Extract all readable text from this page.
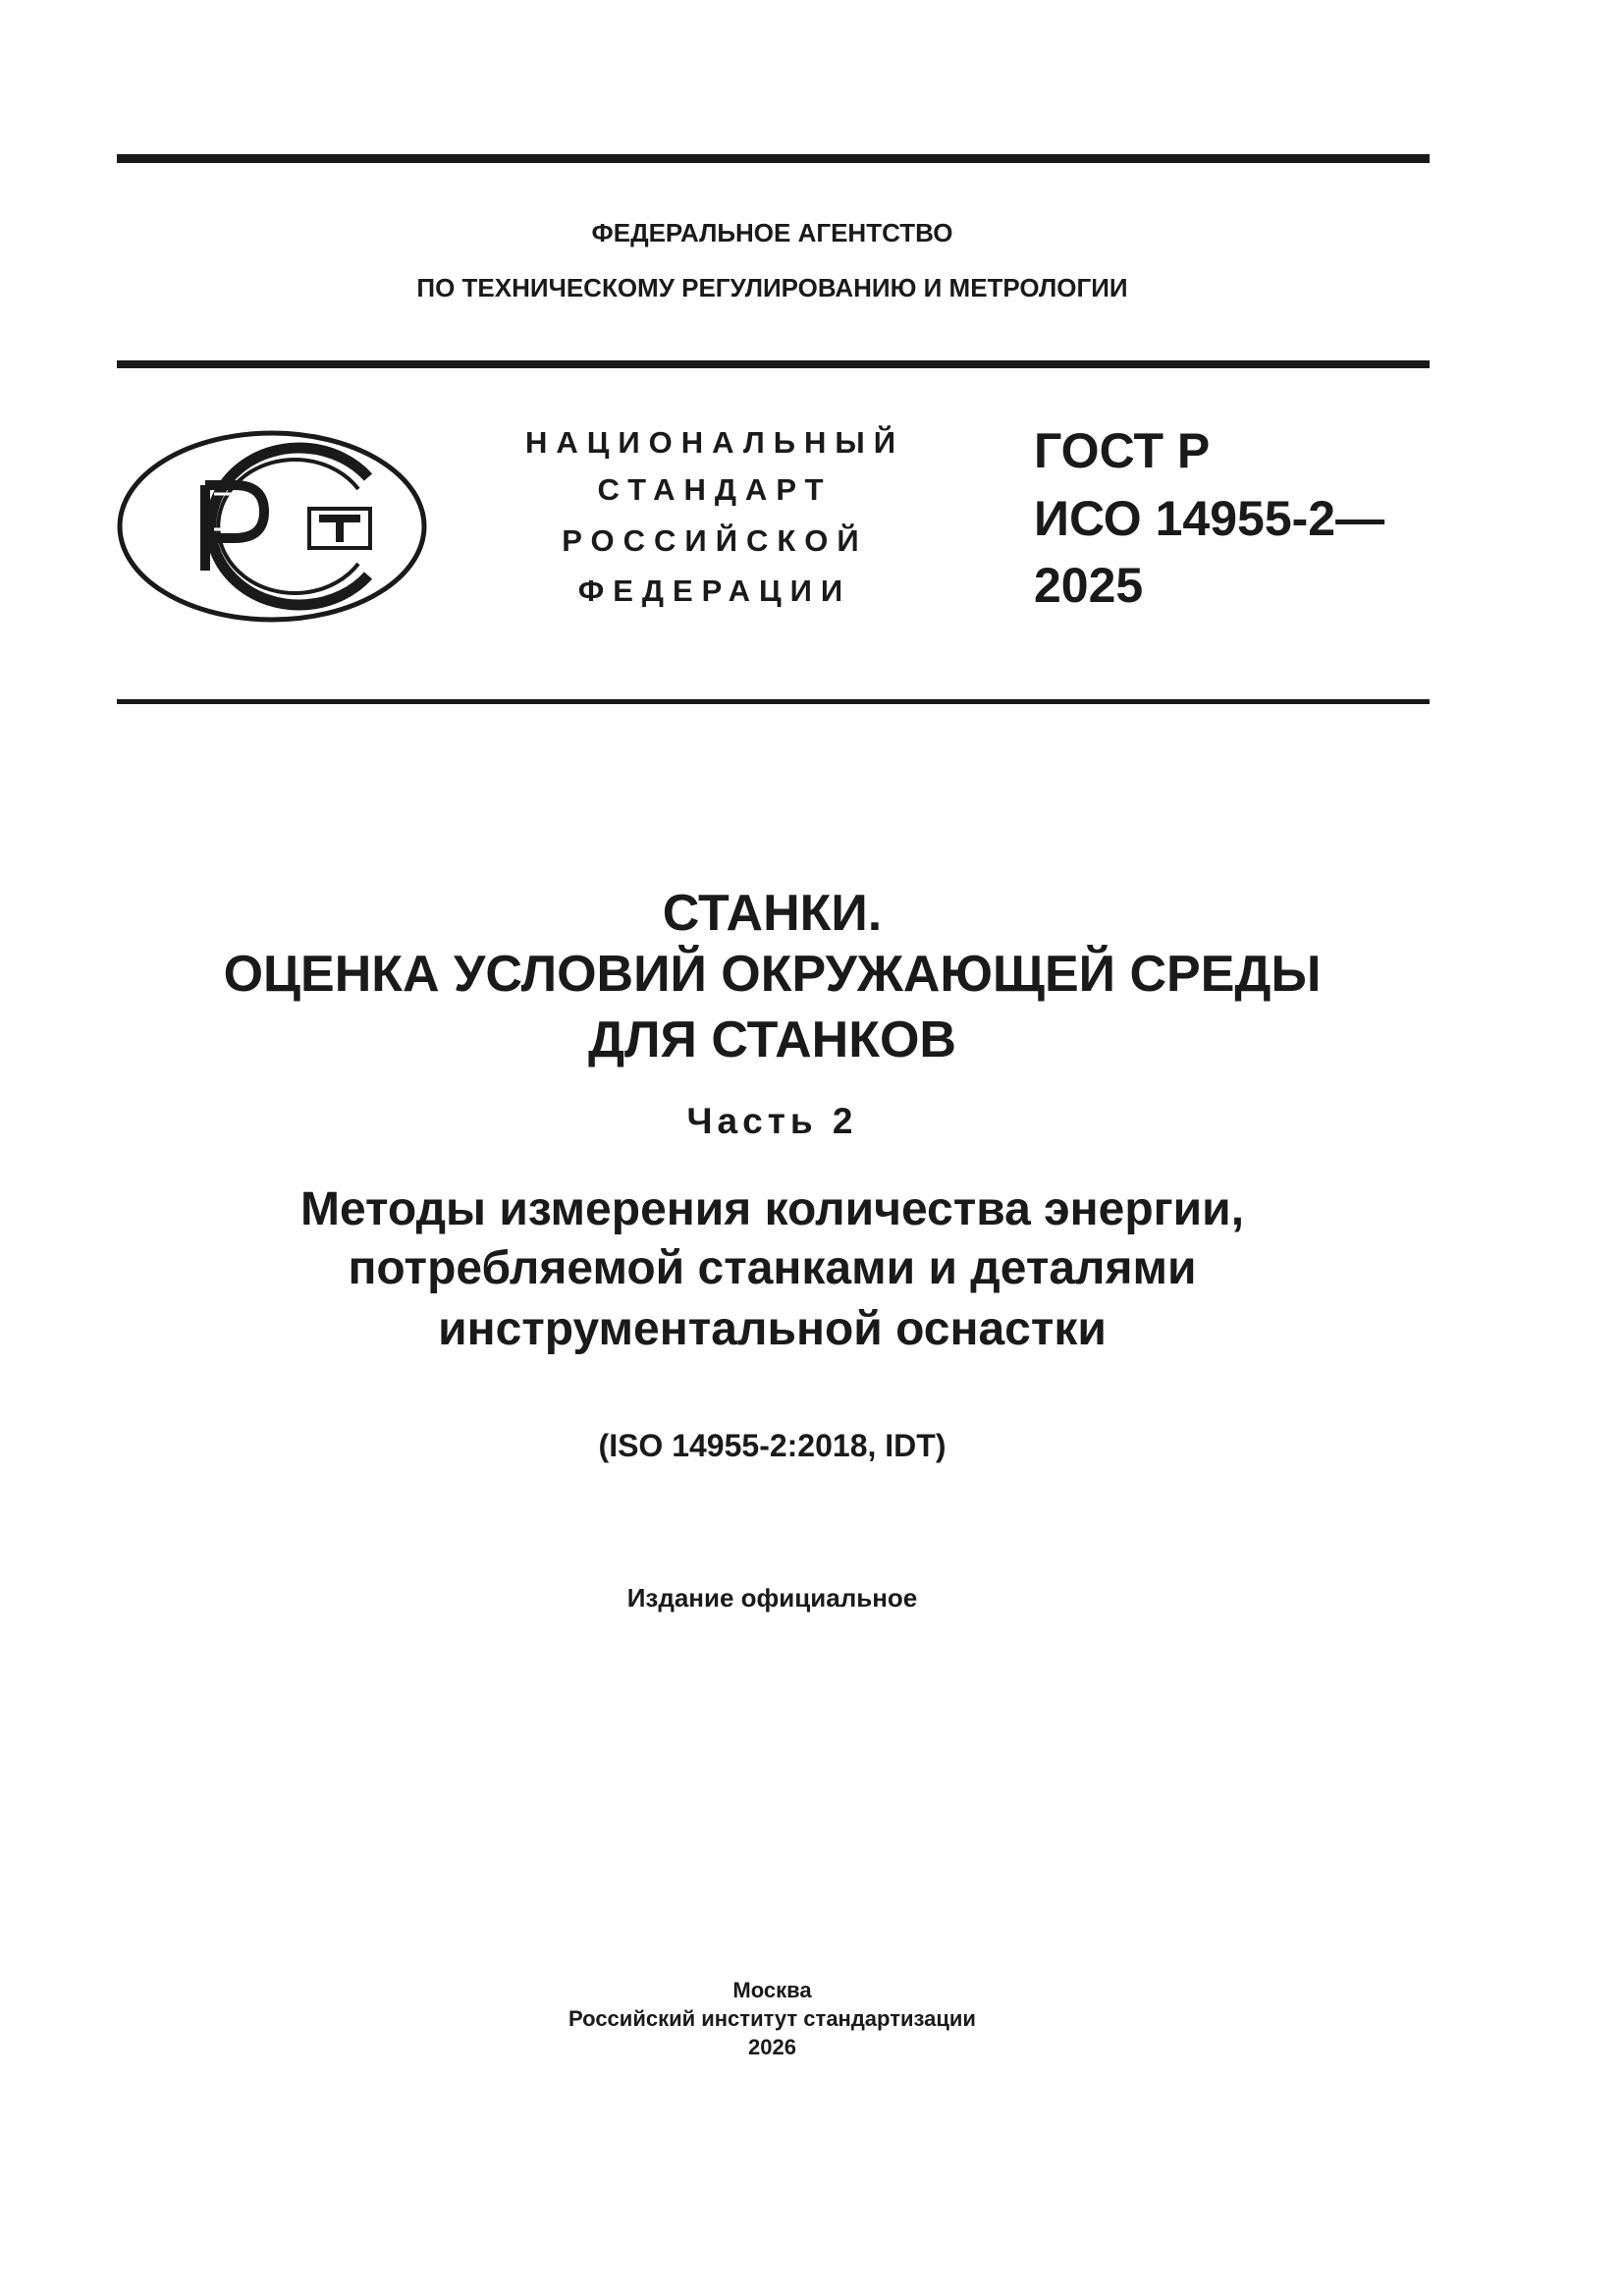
ФЕДЕРАЛЬНОЕ АГЕНТСТВО
ПО ТЕХНИЧЕСКОМУ РЕГУЛИРОВАНИЮ И МЕТРОЛОГИИ
НАЦИОНАЛЬНЫЙ
СТАНДАРТ
РОССИЙСКОЙ
ФЕДЕРАЦИИ
ГОСТ Р
ИСО 14955-2—
2025
СТАНКИ.
ОЦЕНКА УСЛОВИЙ ОКРУЖАЮЩЕЙ СРЕДЫ
ДЛЯ СТАНКОВ
Часть 2
Методы измерения количества энергии,
потребляемой станками и деталями
инструментальной оснастки
(ISO 14955-2:2018, IDT)
Издание официальное
Москва
Российский институт стандартизации
2026
